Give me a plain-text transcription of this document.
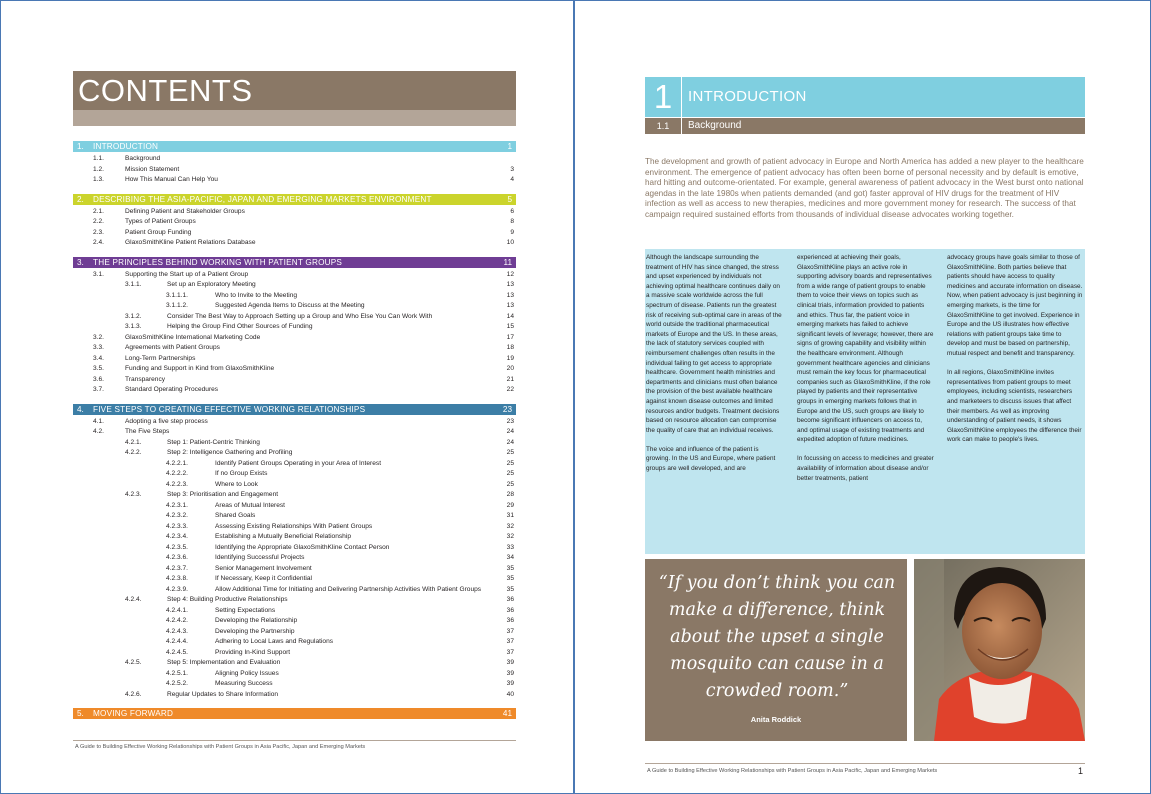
CONTENTS
1. INTRODUCTION	1
1.1.	Background
1.2.	Mission Statement	3
1.3.	How This Manual Can Help You	4
2. DESCRIBING THE ASIA-PACIFIC, JAPAN AND EMERGING MARKETS ENVIRONMENT	5
2.1.	Defining Patient and Stakeholder Groups	6
2.2.	Types of Patient Groups	8
2.3.	Patient Group Funding	9
2.4.	GlaxoSmithKline Patient Relations Database	10
3. THE PRINCIPLES BEHIND WORKING WITH PATIENT GROUPS	11
3.1.	Supporting the Start up of a Patient Group	12
3.1.1.	Set up an Exploratory Meeting	13
3.1.1.1.	Who to Invite to the Meeting	13
3.1.1.2.	Suggested Agenda Items to Discuss at the Meeting	13
3.1.2.	Consider The Best Way to Approach Setting up a Group and Who Else You Can Work With	14
3.1.3.	Helping the Group Find Other Sources of Funding	15
3.2.	GlaxoSmithKline International Marketing Code	17
3.3.	Agreements with Patient Groups	18
3.4.	Long-Term Partnerships	19
3.5.	Funding and Support in Kind from GlaxoSmithKline	20
3.6.	Transparency	21
3.7.	Standard Operating Procedures	22
4. FIVE STEPS TO CREATING EFFECTIVE WORKING RELATIONSHIPS	23
4.1.	Adopting a five step process	23
4.2.	The Five Steps	24
4.2.1.	Step 1: Patient-Centric Thinking	24
4.2.2.	Step 2: Intelligence Gathering and Profiling	25
4.2.2.1.	Identify Patient Groups Operating in your Area of Interest	25
4.2.2.2.	If no Group Exists	25
4.2.2.3.	Where to Look	25
4.2.3.	Step 3: Prioritisation and Engagement	28
4.2.3.1.	Areas of Mutual Interest	29
4.2.3.2.	Shared Goals	31
4.2.3.3.	Assessing Existing Relationships With Patient Groups	32
4.2.3.4.	Establishing a Mutually Beneficial Relationship	32
4.2.3.5.	Identifying the Appropriate GlaxoSmithKline Contact Person	33
4.2.3.6.	Identifying Successful Projects	34
4.2.3.7.	Senior Management Involvement	35
4.2.3.8.	If Necessary, Keep it Confidential	35
4.2.3.9.	Allow Additional Time for Initiating and Delivering Partnership Activities With Patient Groups	35
4.2.4.	Step 4: Building Productive Relationships	36
4.2.4.1.	Setting Expectations	36
4.2.4.2.	Developing the Relationship	36
4.2.4.3.	Developing the Partnership	37
4.2.4.4.	Adhering to Local Laws and Regulations	37
4.2.4.5.	Providing In-Kind Support	37
4.2.5.	Step 5: Implementation and Evaluation	39
4.2.5.1.	Aligning Policy Issues	39
4.2.5.2.	Measuring Success	39
4.2.6.	Regular Updates to Share Information	40
5. MOVING FORWARD	41
A Guide to Building Effective Working Relationships with Patient Groups in Asia Pacific, Japan and Emerging Markets
1	INTRODUCTION
1.1	Background
The development and growth of patient advocacy in Europe and North America has added a new player to the healthcare environment. The emergence of patient advocacy has often been borne of personal necessity and by default is emotive, hard hitting and outcome-orientated. For example, general awareness of patient advocacy in the West burst onto national agendas in the late 1980s when patients demanded (and got) faster approval of HIV drugs for the treatment of HIV infection as well as access to new therapies, medicines and more government money for research. The success of that campaign required sustained efforts from thousands of individual disease advocates working together.

Although the landscape surrounding the treatment of HIV has since changed, the stress and upset experienced by individuals not achieving optimal healthcare continues daily on a massive scale worldwide across the full spectrum of disease. Patients run the greatest risk of receiving sub-optimal care in areas of the world outside the traditional pharmaceutical markets of Europe and the US. In these areas, the lack of statutory services coupled with reimbursement challenges often results in the individual failing to get access to appropriate healthcare. Government health ministries and departments and clinicians must often balance the provision of the best available healthcare against known disease outcomes and limited resources and/or budgets. Treatment decisions based on resource allocation can compromise the quality of care that an individual receives.

The voice and influence of the patient is growing. In the US and Europe, where patient groups are well developed, and are

experienced at achieving their goals, GlaxoSmithKline plays an active role in supporting advisory boards and representatives from a wide range of patient groups to enable them to voice their views on topics such as clinical trials, information provided to patients and ethics. Thus far, the patient voice in emerging markets has failed to achieve significant levels of leverage; however, there are signs of growing capability and visibility within the healthcare environment. Although government healthcare agencies and clinicians must remain the key focus for pharmaceutical companies such as GlaxoSmithKline, if the role played by patients and their representative groups in emerging markets follows that in Europe and the US, such groups are likely to become significant influencers on access to, and optimal usage of existing treatments and expedited adoption of future medicines.

In focussing on access to medicines and greater availability of information about disease and/or better treatments, patient

advocacy groups have goals similar to those of GlaxoSmithKline. Both parties believe that patients should have access to quality medicines and accurate information on disease. Now, when patient advocacy is just beginning in emerging markets, is the time for GlaxoSmithKline to get involved. Experience in Europe and the US illustrates how effective relations with patient groups take time to develop and must be based on partnership, mutual respect and benefit and transparency.

In all regions, GlaxoSmithKline invites representatives from patient groups to meet employees, including scientists, researchers and marketeers to discuss issues that affect their members. As well as improving understanding of patient needs, it shows GlaxoSmithKline employees the difference their work can make to people's lives.

“If you don’t think you can make a difference, think about the upset a single mosquito can cause in a crowded room.”
Anita Roddick
A Guide to Building Effective Working Relationships with Patient Groups in Asia Pacific, Japan and Emerging Markets	1
